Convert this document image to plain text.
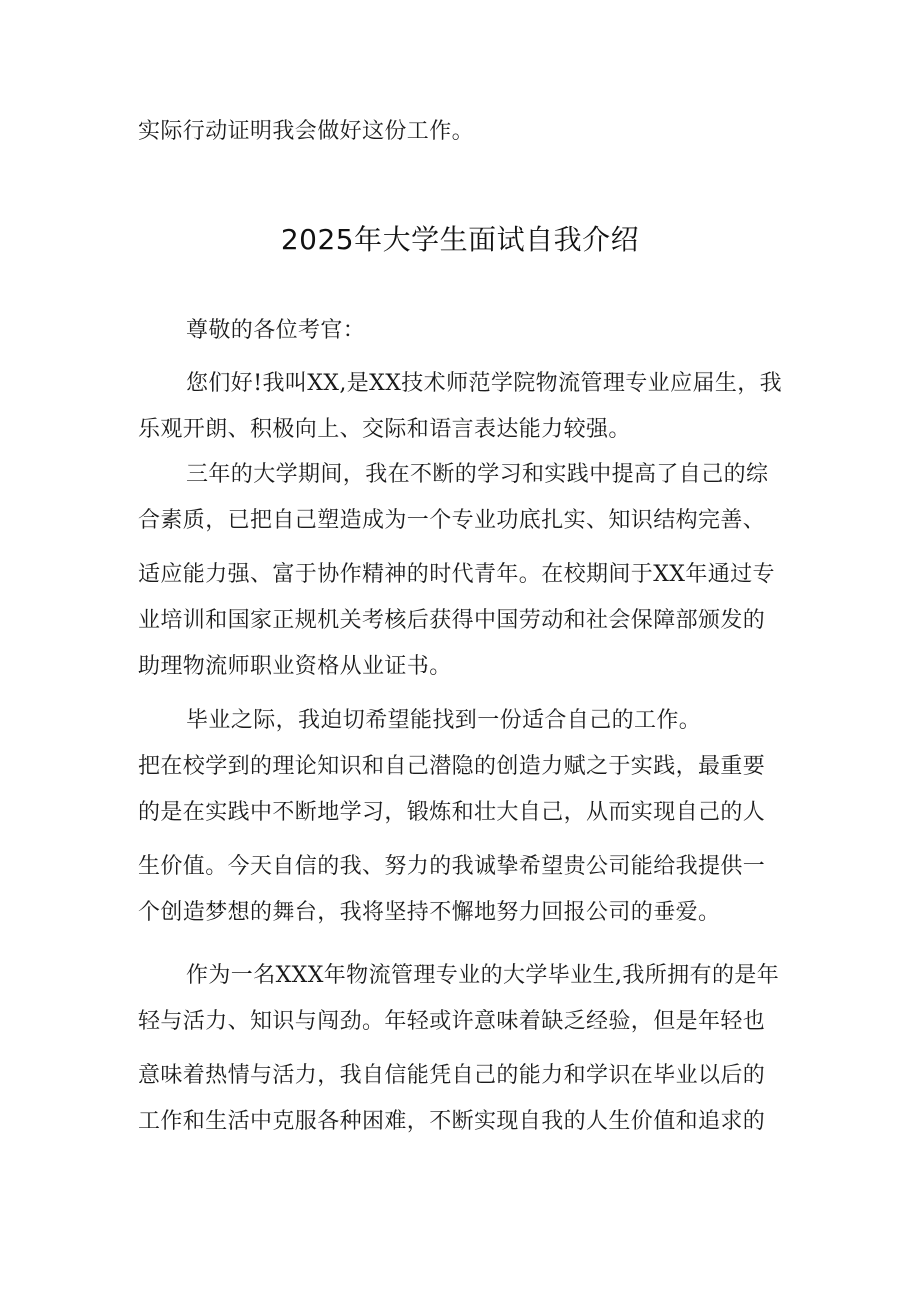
实际行动证明我会做好这份工作。
2025年大学生面试自我介绍
尊敬的各位考官：
您们好!我叫XX,是XX技术师范学院物流管理专业应届生，我
乐观开朗、积极向上、交际和语言表达能力较强。
三年的大学期间，我在不断的学习和实践中提高了自己的综
合素质，已把自己塑造成为一个专业功底扎实、知识结构完善、
适应能力强、富于协作精神的时代青年。在校期间于XX年通过专
业培训和国家正规机关考核后获得中国劳动和社会保障部颁发的
助理物流师职业资格从业证书。
毕业之际，我迫切希望能找到一份适合自己的工作。
把在校学到的理论知识和自己潜隐的创造力赋之于实践，最重要
的是在实践中不断地学习，锻炼和壮大自己，从而实现自己的人
生价值。今天自信的我、努力的我诚挚希望贵公司能给我提供一
个创造梦想的舞台，我将坚持不懈地努力回报公司的垂爱。
作为一名XXX年物流管理专业的大学毕业生,我所拥有的是年
轻与活力、知识与闯劲。年轻或许意味着缺乏经验，但是年轻也
意味着热情与活力，我自信能凭自己的能力和学识在毕业以后的
工作和生活中克服各种困难，不断实现自我的人生价值和追求的
